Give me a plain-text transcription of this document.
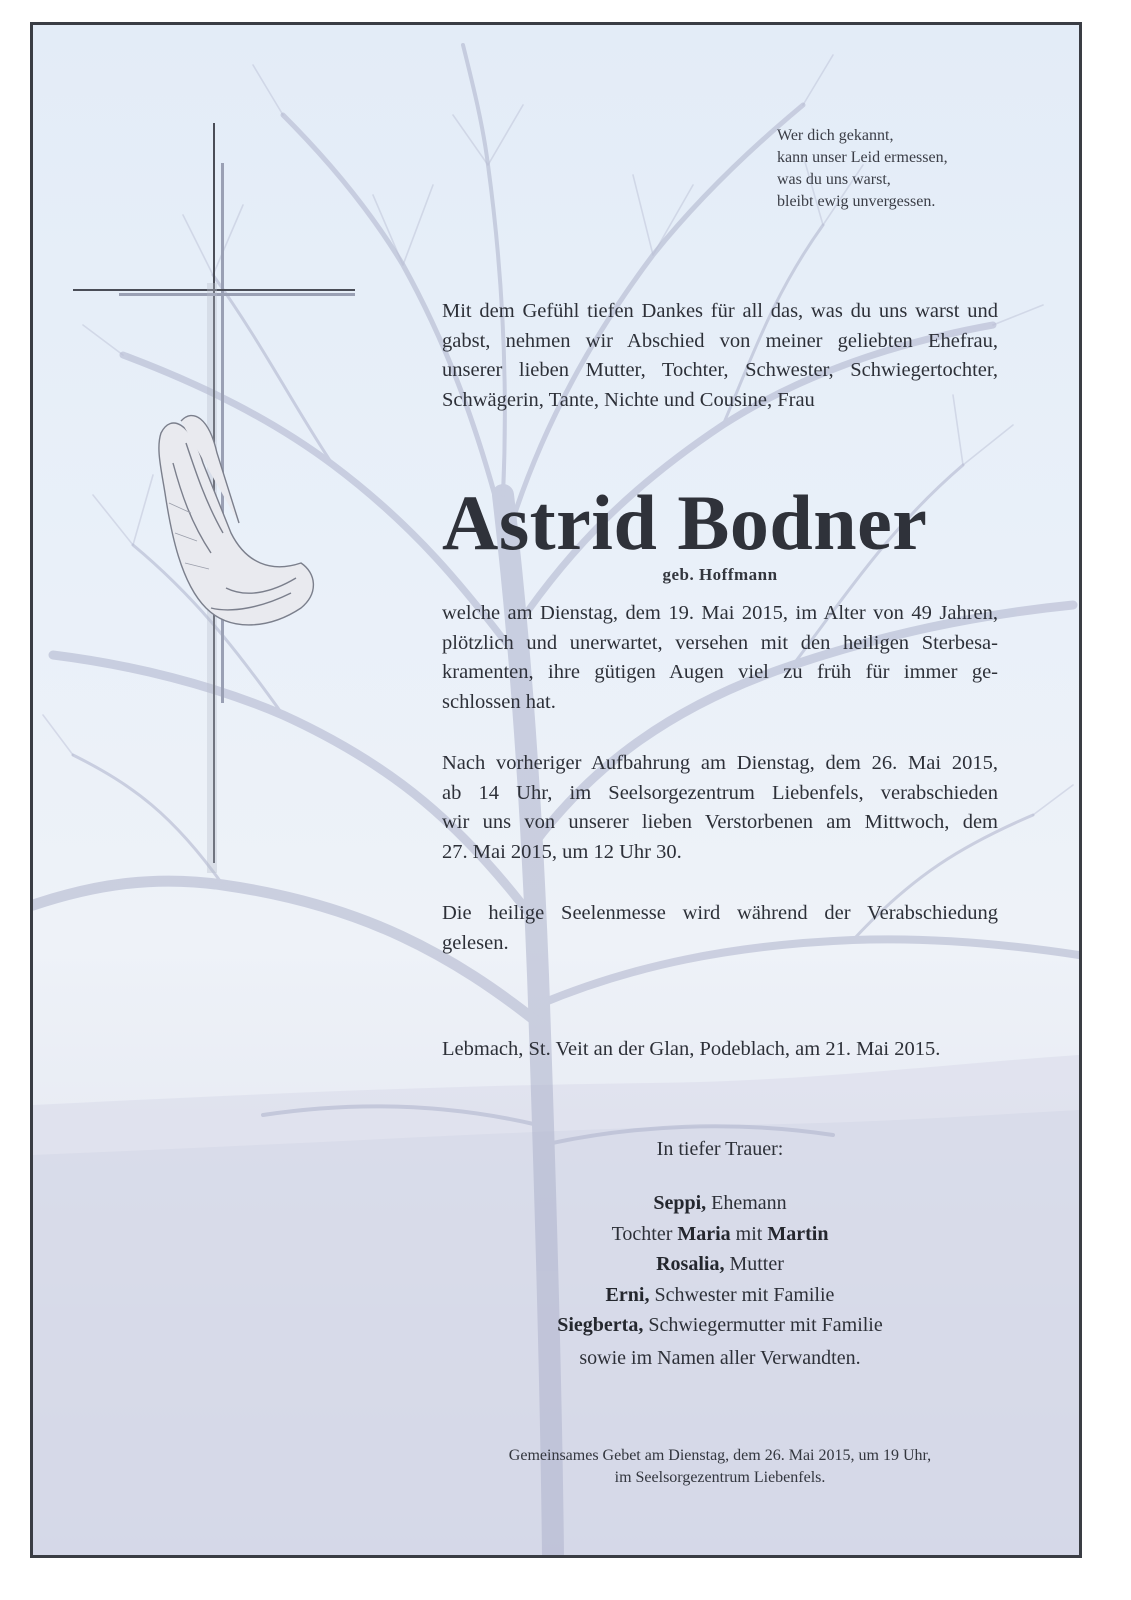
Wer dich gekannt,
kann unser Leid ermessen,
was du uns warst,
bleibt ewig unvergessen.
Mit dem Gefühl tiefen Dankes für all das, was du uns warst und
gabst, nehmen wir Abschied von meiner geliebten Ehefrau,
unserer lieben Mutter, Tochter, Schwester, Schwiegertochter,
Schwägerin, Tante, Nichte und Cousine, Frau
Astrid Bodner
geb. Hoffmann
welche am Dienstag, dem 19. Mai 2015, im Alter von 49 Jahren,
plötzlich und unerwartet, versehen mit den heiligen Sterbesa-
kramenten, ihre gütigen Augen viel zu früh für immer ge-
schlossen hat.
Nach vorheriger Aufbahrung am Dienstag, dem 26. Mai 2015,
ab 14 Uhr, im Seelsorgezentrum Liebenfels, verabschieden
wir uns von unserer lieben Verstorbenen am Mittwoch, dem
27. Mai 2015, um 12 Uhr 30.
Die heilige Seelenmesse wird während der Verabschiedung
gelesen.
Lebmach, St. Veit an der Glan, Podeblach, am 21. Mai 2015.
In tiefer Trauer:
Seppi, Ehemann
Tochter Maria mit Martin
Rosalia, Mutter
Erni, Schwester mit Familie
Siegberta, Schwiegermutter mit Familie
sowie im Namen aller Verwandten.
Gemeinsames Gebet am Dienstag, dem 26. Mai 2015, um 19 Uhr,
im Seelsorgezentrum Liebenfels.
